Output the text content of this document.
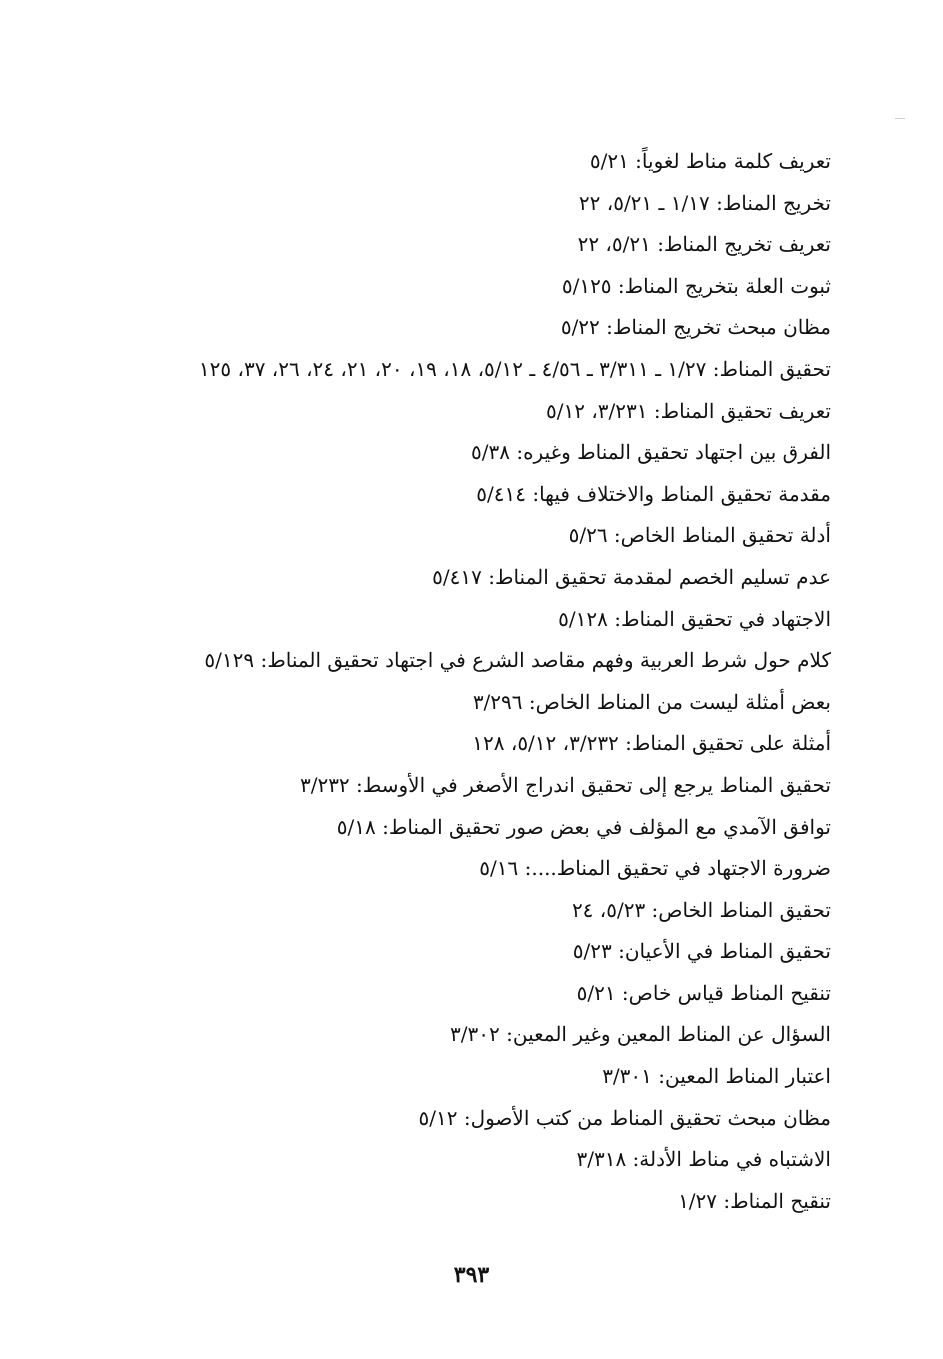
تعريف كلمة مناط لغوياً: ٥/٢١
تخريج المناط: ١/١٧ ـ ٥/٢١، ٢٢
تعريف تخريج المناط: ٥/٢١، ٢٢
ثبوت العلة بتخريج المناط: ٥/١٢٥
مظان مبحث تخريج المناط: ٥/٢٢
تحقيق المناط: ١/٢٧ ـ ٣/٣١١ ـ ٤/٥٦ ـ ٥/١٢، ١٨، ١٩، ٢٠، ٢١، ٢٤، ٢٦، ٣٧، ١٢٥
تعريف تحقيق المناط: ٣/٢٣١، ٥/١٢
الفرق بين اجتهاد تحقيق المناط وغيره: ٥/٣٨
مقدمة تحقيق المناط والاختلاف فيها: ٥/٤١٤
أدلة تحقيق المناط الخاص: ٥/٢٦
عدم تسليم الخصم لمقدمة تحقيق المناط: ٥/٤١٧
الاجتهاد في تحقيق المناط: ٥/١٢٨
كلام حول شرط العربية وفهم مقاصد الشرع في اجتهاد تحقيق المناط: ٥/١٢٩
بعض أمثلة ليست من المناط الخاص: ٣/٢٩٦
أمثلة على تحقيق المناط: ٣/٢٣٢، ٥/١٢، ١٢٨
تحقيق المناط يرجع إلى تحقيق اندراج الأصغر في الأوسط: ٣/٢٣٢
توافق الآمدي مع المؤلف في بعض صور تحقيق المناط: ٥/١٨
ضرورة الاجتهاد في تحقيق المناط....: ٥/١٦
تحقيق المناط الخاص: ٥/٢٣، ٢٤
تحقيق المناط في الأعيان: ٥/٢٣
تنقيح المناط قياس خاص: ٥/٢١
السؤال عن المناط المعين وغير المعين: ٣/٣٠٢
اعتبار المناط المعين: ٣/٣٠١
مظان مبحث تحقيق المناط من كتب الأصول: ٥/١٢
الاشتباه في مناط الأدلة: ٣/٣١٨
تنقيح المناط: ١/٢٧
٣٩٣
